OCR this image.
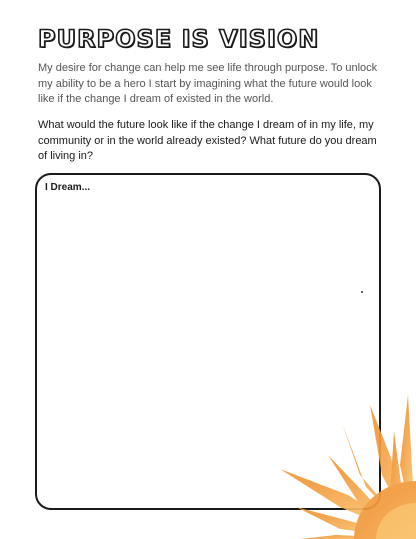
PURPOSE IS VISION

My desire for change can help me see life through purpose. To unlock my ability to be a hero I start by imagining what the future would look like if the change I dream of existed in the world.

What would the future look like if the change I dream of in my life, my community or in the world already existed? What future do you dream of living in?

I Dream...
